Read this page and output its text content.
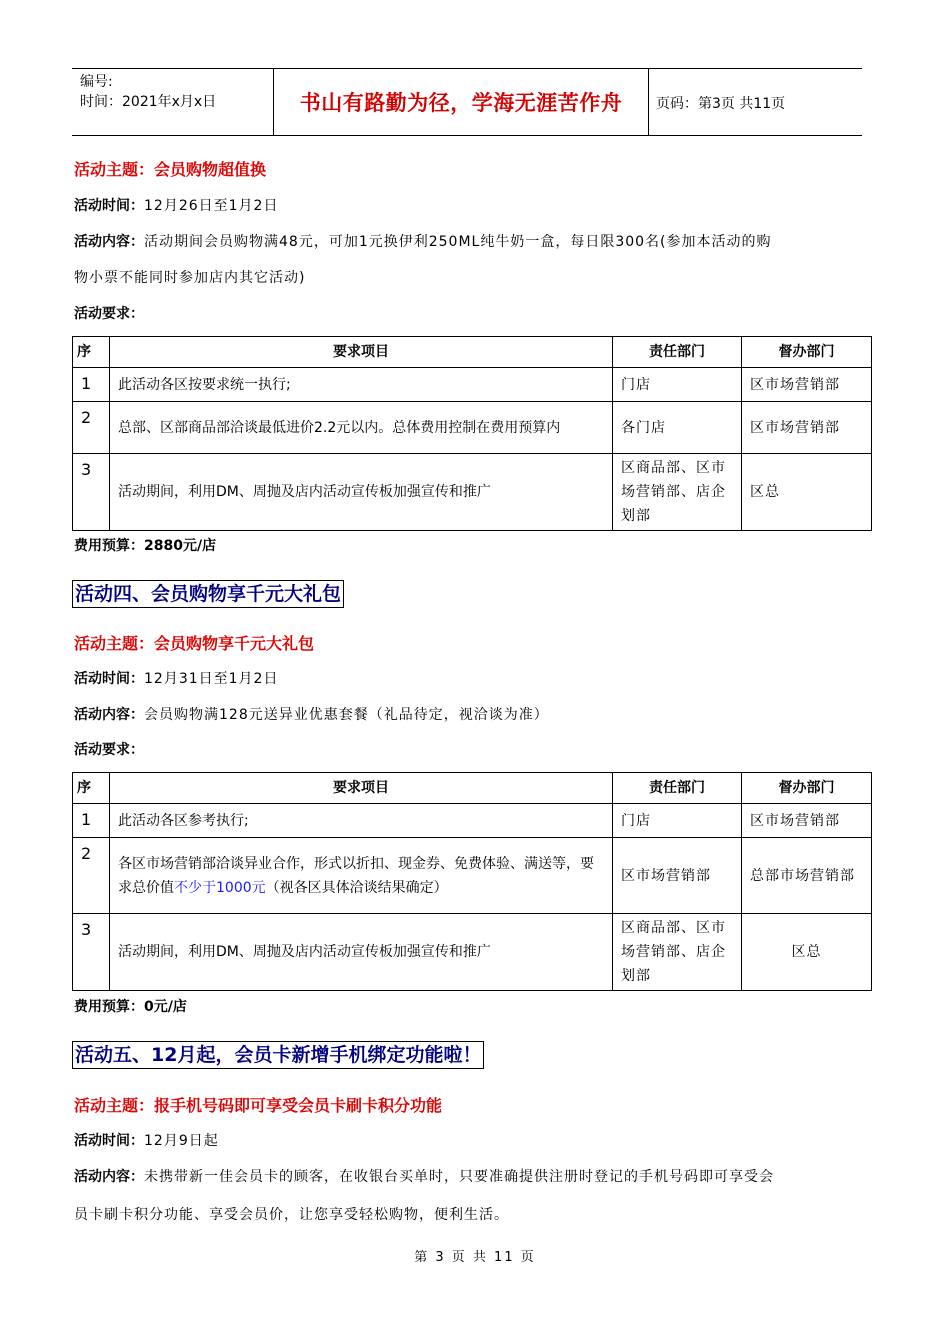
编号:
时间：2021年x月x日	书山有路勤为径，学海无涯苦作舟	页码：第3页 共11页
活动主题：会员购物超值换
活动时间：12月26日至1月2日
活动内容：活动期间会员购物满48元，可加1元换伊利250ML纯牛奶一盒，每日限300名(参加本活动的购
物小票不能同时参加店内其它活动)
活动要求：
序	要求项目	责任部门	督办部门
1	此活动各区按要求统一执行;	门店	区市场营销部
2	总部、区部商品部洽谈最低进价2.2元以内。总体费用控制在费用预算内	各门店	区市场营销部
3	活动期间，利用DM、周抛及店内活动宣传板加强宣传和推广	区商品部、区市场营销部、店企划部	区总
费用预算：2880元/店
活动四、会员购物享千元大礼包
活动主题：会员购物享千元大礼包
活动时间：12月31日至1月2日
活动内容：会员购物满128元送异业优惠套餐（礼品待定，视洽谈为准）
活动要求：
序	要求项目	责任部门	督办部门
1	此活动各区参考执行;	门店	区市场营销部
2	各区市场营销部洽谈异业合作，形式以折扣、现金券、免费体验、满送等，要求总价值不少于1000元（视各区具体洽谈结果确定）	区市场营销部	总部市场营销部
3	活动期间，利用DM、周抛及店内活动宣传板加强宣传和推广	区商品部、区市场营销部、店企划部	区总
费用预算：0元/店
活动五、12月起，会员卡新增手机绑定功能啦！
活动主题：报手机号码即可享受会员卡刷卡积分功能
活动时间：12月9日起
活动内容：未携带新一佳会员卡的顾客，在收银台买单时，只要准确提供注册时登记的手机号码即可享受会
员卡刷卡积分功能、享受会员价，让您享受轻松购物，便利生活。
第 3 页 共 11 页
